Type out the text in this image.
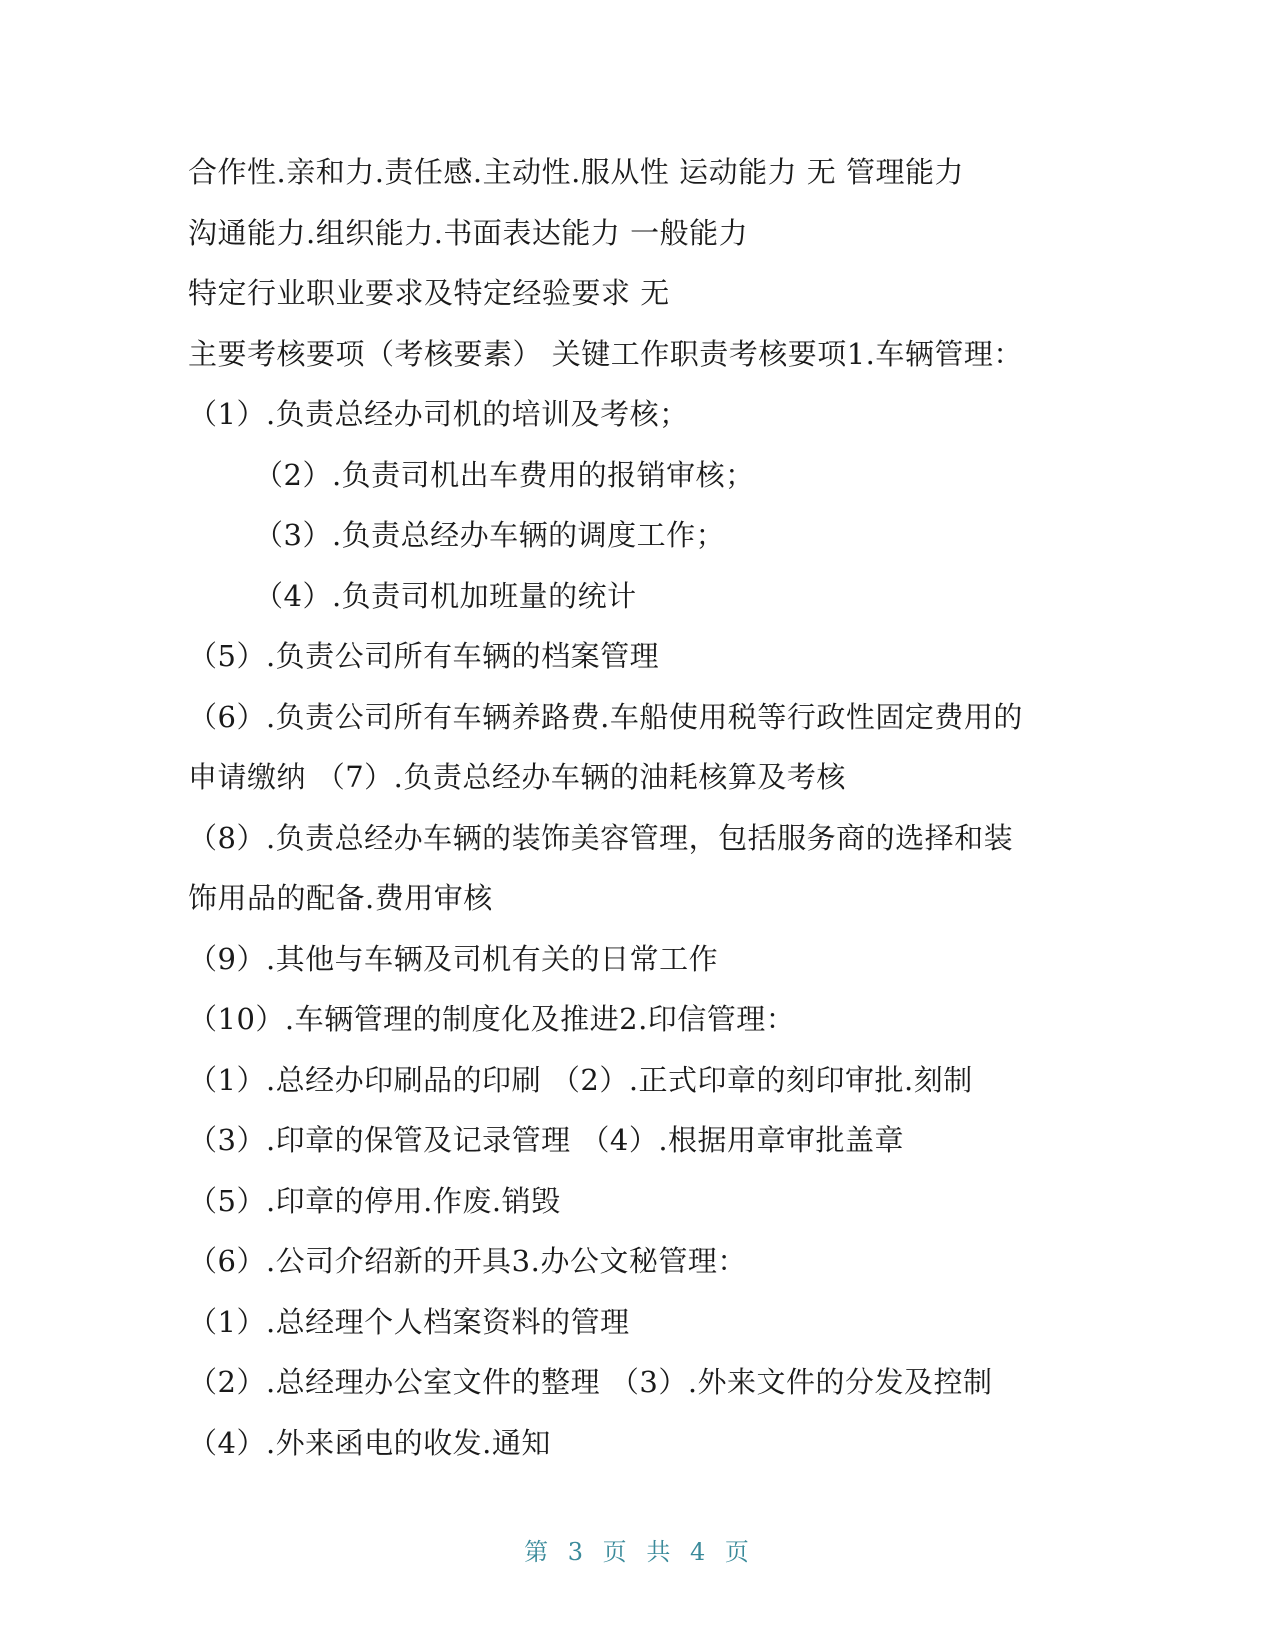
合作性.亲和力.责任感.主动性.服从性 运动能力 无 管理能力
沟通能力.组织能力.书面表达能力 一般能力
特定行业职业要求及特定经验要求 无
主要考核要项（考核要素） 关键工作职责考核要项1.车辆管理：
（1）.负责总经办司机的培训及考核；
（2）.负责司机出车费用的报销审核；
（3）.负责总经办车辆的调度工作；
（4）.负责司机加班量的统计
（5）.负责公司所有车辆的档案管理
（6）.负责公司所有车辆养路费.车船使用税等行政性固定费用的
申请缴纳 （7）.负责总经办车辆的油耗核算及考核
（8）.负责总经办车辆的装饰美容管理，包括服务商的选择和装
饰用品的配备.费用审核
（9）.其他与车辆及司机有关的日常工作
（10）.车辆管理的制度化及推进2.印信管理：
（1）.总经办印刷品的印刷 （2）.正式印章的刻印审批.刻制
（3）.印章的保管及记录管理 （4）.根据用章审批盖章
（5）.印章的停用.作废.销毁
（6）.公司介绍新的开具3.办公文秘管理：
（1）.总经理个人档案资料的管理
（2）.总经理办公室文件的整理 （3）.外来文件的分发及控制
（4）.外来函电的收发.通知
第 3 页 共 4 页
